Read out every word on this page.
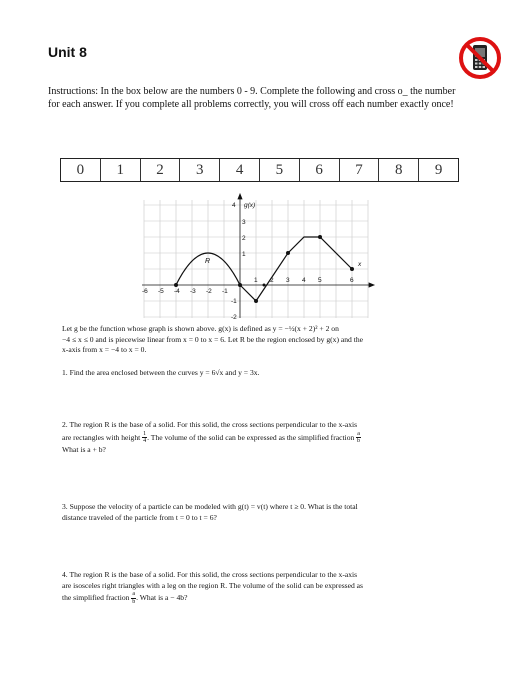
Unit 8
Instructions: In the box below are the numbers 0 - 9. Complete the following and cross o_ the number for each answer. If you complete all problems correctly, you will cross off each number exactly once!
0	1	2	3	4	5	6	7	8	9
-6 -5 -4 -3 -2 -1
1 2 3 4 5	6
4
3
2
1
-1
-2
g(x)
R	x
Let g be the function whose graph is shown above. g(x) is defined as y = −½(x + 2)² + 2 on
−4 ≤ x ≤ 0 and is piecewise linear from x = 0 to x = 6. Let R be the region enclosed by g(x) and the
x-axis from x = −4 to x = 0.
1. Find the area enclosed between the curves y = 6√x and y = 3x.
2. The region R is the base of a solid. For this solid, the cross sections perpendicular to the x-axis
are rectangles with height $\frac{1}{4}$ . The volume of the solid can be expressed as the simplified fraction $\frac{a}{b}$
What is a + b?
3. Suppose the velocity of a particle can be modeled with g(t) = v(t) where t ≥ 0. What is the total
distance traveled of the particle from t = 0 to t = 6?
4. The region R is the base of a solid. For this solid, the cross sections perpendicular to the x-axis
are isosceles right triangles with a leg on the region R. The volume of the solid can be expressed as
the simplified fraction $\frac{a}{b}$ . What is a − 4b?
